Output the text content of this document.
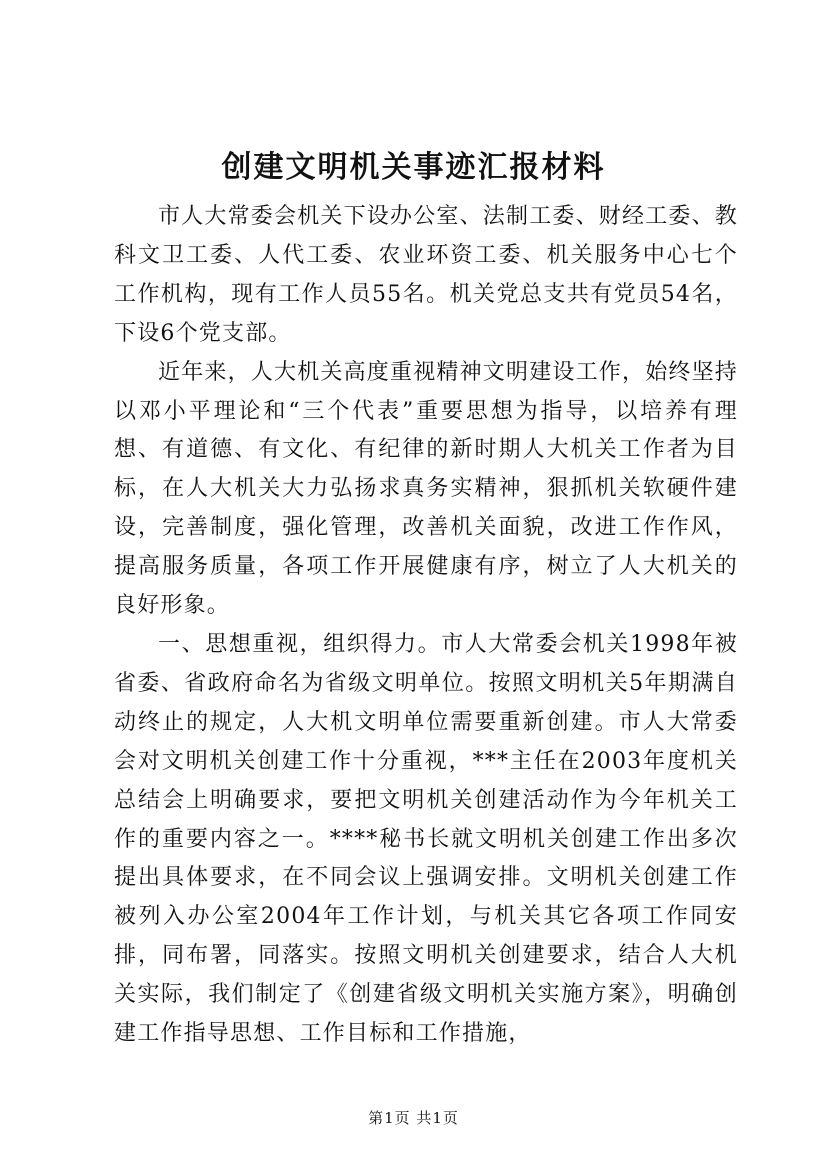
创建文明机关事迹汇报材料

市人大常委会机关下设办公室、法制工委、财经工委、教科文卫工委、人代工委、农业环资工委、机关服务中心七个工作机构，现有工作人员55名。机关党总支共有党员54名，下设6个党支部。

近年来，人大机关高度重视精神文明建设工作，始终坚持以邓小平理论和“三个代表”重要思想为指导，以培养有理想、有道德、有文化、有纪律的新时期人大机关工作者为目标，在人大机关大力弘扬求真务实精神，狠抓机关软硬件建设，完善制度，强化管理，改善机关面貌，改进工作作风，提高服务质量，各项工作开展健康有序，树立了人大机关的良好形象。

一、思想重视，组织得力。市人大常委会机关1998年被省委、省政府命名为省级文明单位。按照文明机关5年期满自动终止的规定，人大机文明单位需要重新创建。市人大常委会对文明机关创建工作十分重视，***主任在2003年度机关总结会上明确要求，要把文明机关创建活动作为今年机关工作的重要内容之一。****秘书长就文明机关创建工作出多次提出具体要求，在不同会议上强调安排。文明机关创建工作被列入办公室2004年工作计划，与机关其它各项工作同安排，同布署，同落实。按照文明机关创建要求，结合人大机关实际，我们制定了《创建省级文明机关实施方案》，明确创建工作指导思想、工作目标和工作措施，

第1页 共1页
